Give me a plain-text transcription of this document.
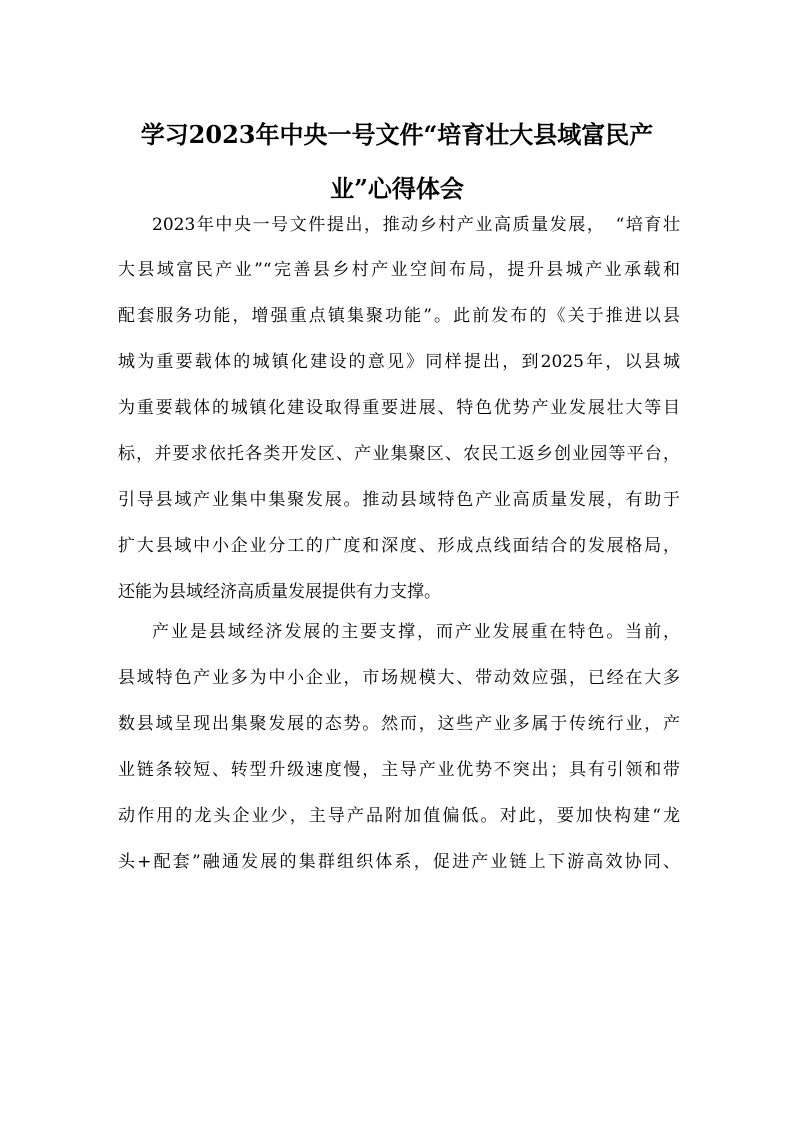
学习2023年中央一号文件“培育壮大县域富民产
业”心得体会

2023年中央一号文件提出，推动乡村产业高质量发展，　“培育壮

大县域富民产业”“完善县乡村产业空间布局，提升县城产业承载和

配套服务功能，增强重点镇集聚功能”。此前发布的《关于推进以县

城为重要载体的城镇化建设的意见》同样提出，到2025年，以县城

为重要载体的城镇化建设取得重要进展、特色优势产业发展壮大等目

标，并要求依托各类开发区、产业集聚区、农民工返乡创业园等平台，

引导县域产业集中集聚发展。推动县域特色产业高质量发展，有助于

扩大县域中小企业分工的广度和深度、形成点线面结合的发展格局，

还能为县域经济高质量发展提供有力支撑。

产业是县域经济发展的主要支撑，而产业发展重在特色。当前，

县域特色产业多为中小企业，市场规模大、带动效应强，已经在大多

数县域呈现出集聚发展的态势。然而，这些产业多属于传统行业，产

业链条较短、转型升级速度慢，主导产业优势不突出；具有引领和带

动作用的龙头企业少，主导产品附加值偏低。对此，要加快构建“龙

头+配套”融通发展的集群组织体系，促进产业链上下游高效协同、
